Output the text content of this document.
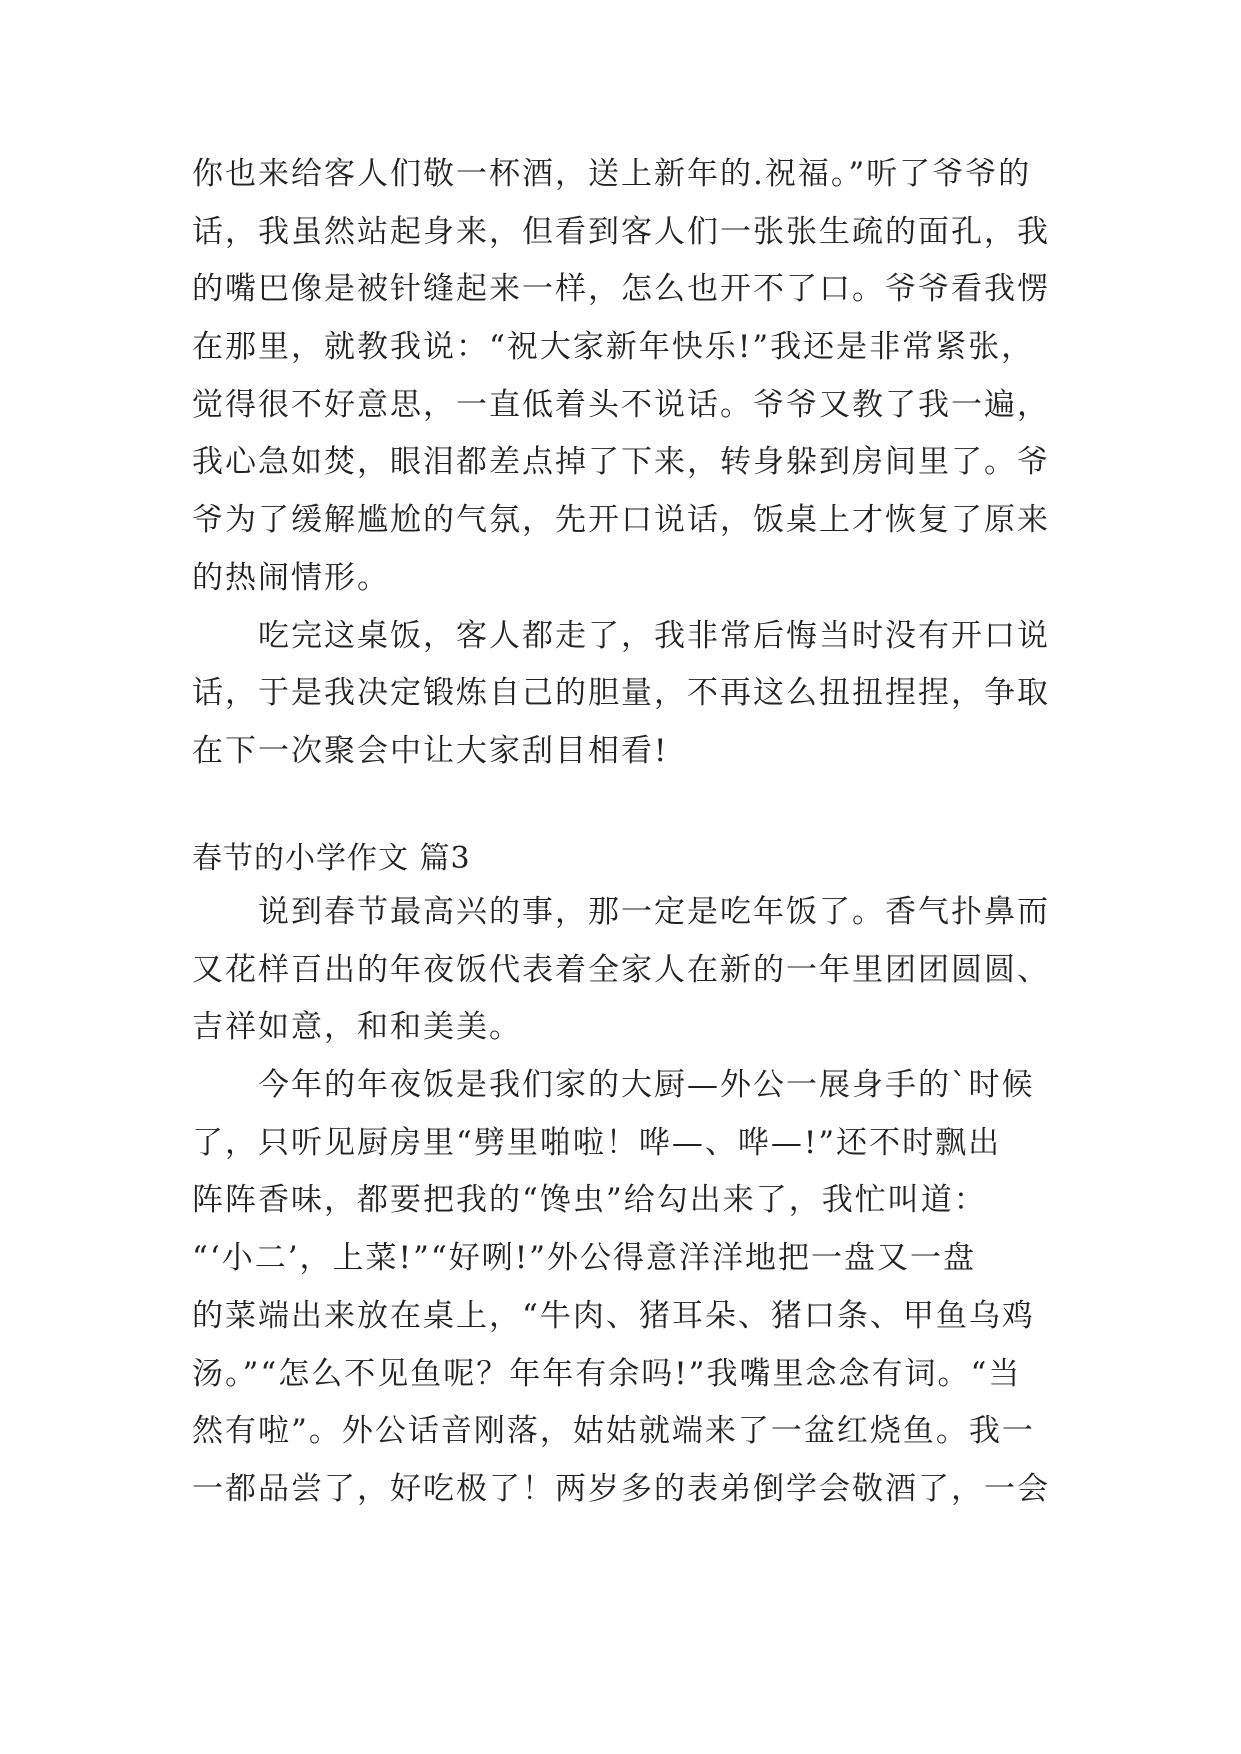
你也来给客人们敬一杯酒，送上新年的.祝福。”听了爷爷的
话，我虽然站起身来，但看到客人们一张张生疏的面孔，我
的嘴巴像是被针缝起来一样，怎么也开不了口。爷爷看我愣
在那里，就教我说：“祝大家新年快乐!”我还是非常紧张，
觉得很不好意思，一直低着头不说话。爷爷又教了我一遍，
我心急如焚，眼泪都差点掉了下来，转身躲到房间里了。爷
爷为了缓解尴尬的气氛，先开口说话，饭桌上才恢复了原来
的热闹情形。
　　吃完这桌饭，客人都走了，我非常后悔当时没有开口说
话，于是我决定锻炼自己的胆量，不再这么扭扭捏捏，争取
在下一次聚会中让大家刮目相看!
春节的小学作文 篇3
　　说到春节最高兴的事，那一定是吃年饭了。香气扑鼻而
又花样百出的年夜饭代表着全家人在新的一年里团团圆圆、
吉祥如意，和和美美。
　　今年的年夜饭是我们家的大厨—外公一展身手的`时候
了，只听见厨房里“劈里啪啦！哗—、哗—!”还不时飘出
阵阵香味，都要把我的“馋虫”给勾出来了，我忙叫道：
“‘小二’，上菜!”“好咧!”外公得意洋洋地把一盘又一盘
的菜端出来放在桌上，“牛肉、猪耳朵、猪口条、甲鱼乌鸡
汤。”“怎么不见鱼呢？年年有余吗!”我嘴里念念有词。“当
然有啦”。外公话音刚落，姑姑就端来了一盆红烧鱼。我一
一都品尝了，好吃极了！两岁多的表弟倒学会敬酒了，一会
